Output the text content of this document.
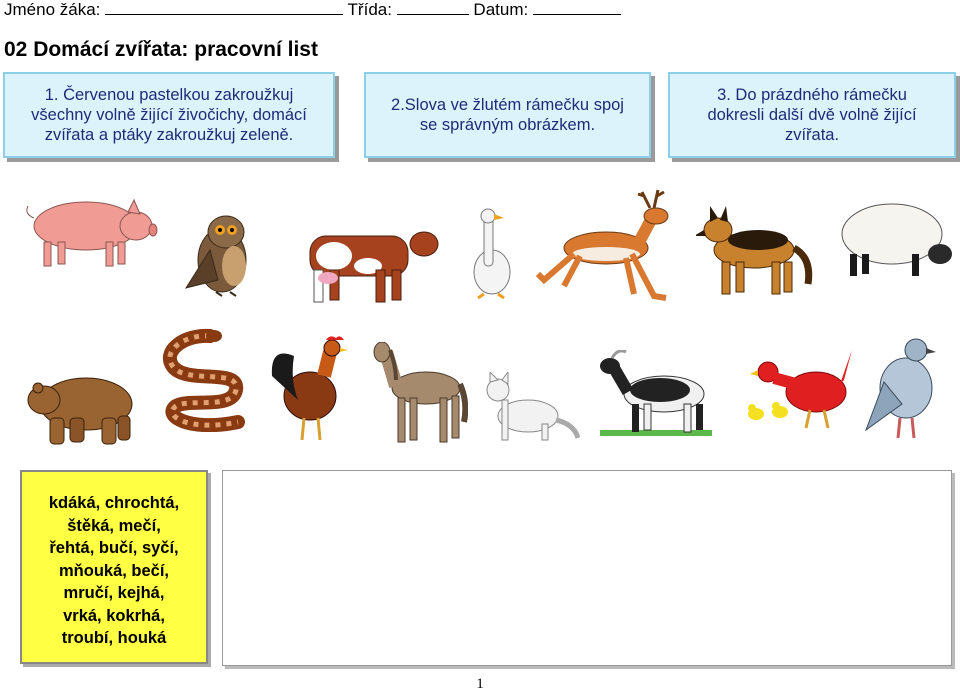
Jméno žáka:	Třída:	Datum:
02 Domácí zvířata: pracovní list
1. Červenou pastelkou zakroužkuj
všechny volně žijící živočichy, domácí
zvířata a ptáky zakroužkuj zeleně.
2.Slova ve žlutém rámečku spoj
se správným obrázkem.
3. Do prázdného rámečku
dokresli další dvě volně žijící
zvířata.
kdáká, chrochtá,
štěká, mečí,
řehtá, bučí, syčí,
mňouká, bečí,
mručí, kejhá,
vrká, kokrhá,
troubí, houká
1
